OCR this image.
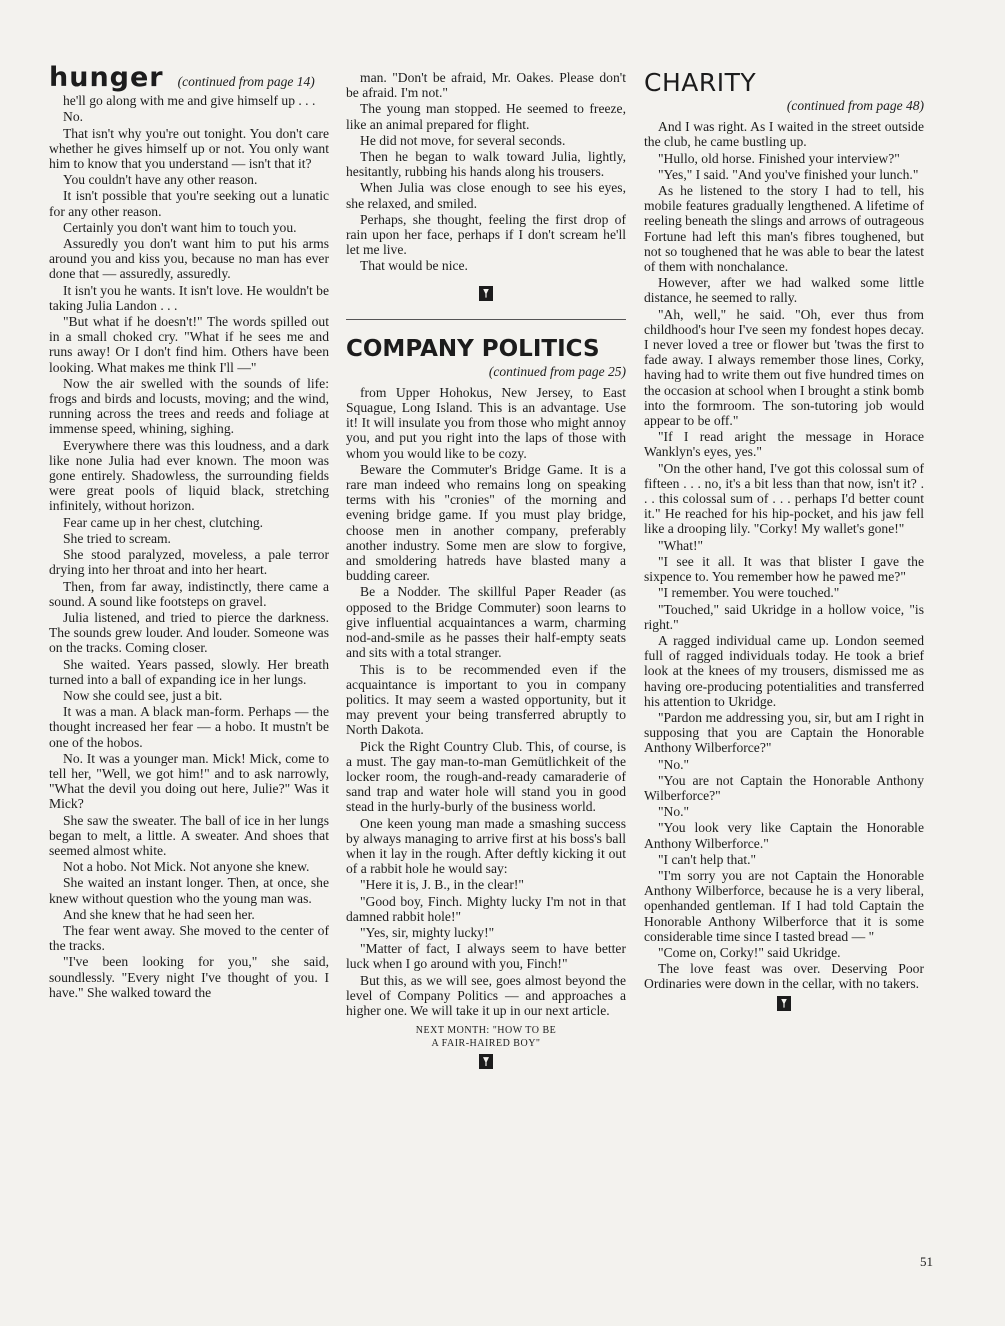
hunger (continued from page 14)

he'll go along with me and give himself up . . .

No.

That isn't why you're out tonight. You don't care whether he gives himself up or not. You only want him to know that you understand — isn't that it?

You couldn't have any other reason.

It isn't possible that you're seeking out a lunatic for any other reason.

Certainly you don't want him to touch you.

Assuredly you don't want him to put his arms around you and kiss you, because no man has ever done that — assuredly, assuredly.

It isn't you he wants. It isn't love. He wouldn't be taking Julia Landon . . .

"But what if he doesn't!" The words spilled out in a small choked cry. "What if he sees me and runs away! Or I don't find him. Others have been looking. What makes me think I'll —"

Now the air swelled with the sounds of life: frogs and birds and locusts, moving; and the wind, running across the trees and reeds and foliage at immense speed, whining, sighing.

Everywhere there was this loudness, and a dark like none Julia had ever known. The moon was gone entirely. Shadowless, the surrounding fields were great pools of liquid black, stretching infinitely, without horizon.

Fear came up in her chest, clutching.

She tried to scream.

She stood paralyzed, moveless, a pale terror drying into her throat and into her heart.

Then, from far away, indistinctly, there came a sound. A sound like footsteps on gravel.

Julia listened, and tried to pierce the darkness. The sounds grew louder. And louder. Someone was on the tracks. Coming closer.

She waited. Years passed, slowly. Her breath turned into a ball of expanding ice in her lungs.

Now she could see, just a bit.

It was a man. A black man-form. Perhaps — the thought increased her fear — a hobo. It mustn't be one of the hobos.

No. It was a younger man. Mick! Mick, come to tell her, "Well, we got him!" and to ask narrowly, "What the devil you doing out here, Julie?" Was it Mick?

She saw the sweater. The ball of ice in her lungs began to melt, a little. A sweater. And shoes that seemed almost white.

Not a hobo. Not Mick. Not anyone she knew.

She waited an instant longer. Then, at once, she knew without question who the young man was.

And she knew that he had seen her.

The fear went away. She moved to the center of the tracks.

"I've been looking for you," she said, soundlessly. "Every night I've thought of you. I have." She walked toward the

man. "Don't be afraid, Mr. Oakes. Please don't be afraid. I'm not."

The young man stopped. He seemed to freeze, like an animal prepared for flight.

He did not move, for several seconds.

Then he began to walk toward Julia, lightly, hesitantly, rubbing his hands along his trousers.

When Julia was close enough to see his eyes, she relaxed, and smiled.

Perhaps, she thought, feeling the first drop of rain upon her face, perhaps if I don't scream he'll let me live.

That would be nice.

COMPANY POLITICS
(continued from page 25)

from Upper Hohokus, New Jersey, to East Squague, Long Island. This is an advantage. Use it! It will insulate you from those who might annoy you, and put you right into the laps of those with whom you would like to be cozy.

Beware the Commuter's Bridge Game. It is a rare man indeed who remains long on speaking terms with his "cronies" of the morning and evening bridge game. If you must play bridge, choose men in another company, preferably another industry. Some men are slow to forgive, and smoldering hatreds have blasted many a budding career.

Be a Nodder. The skillful Paper Reader (as opposed to the Bridge Commuter) soon learns to give influential acquaintances a warm, charming nod-and-smile as he passes their half-empty seats and sits with a total stranger.

This is to be recommended even if the acquaintance is important to you in company politics. It may seem a wasted opportunity, but it may prevent your being transferred abruptly to North Dakota.

Pick the Right Country Club. This, of course, is a must. The gay man-to-man Gemütlichkeit of the locker room, the rough-and-ready camaraderie of sand trap and water hole will stand you in good stead in the hurly-burly of the business world.

One keen young man made a smashing success by always managing to arrive first at his boss's ball when it lay in the rough. After deftly kicking it out of a rabbit hole he would say:

"Here it is, J. B., in the clear!"

"Good boy, Finch. Mighty lucky I'm not in that damned rabbit hole!"

"Yes, sir, mighty lucky!"

"Matter of fact, I always seem to have better luck when I go around with you, Finch!"

But this, as we will see, goes almost beyond the level of Company Politics — and approaches a higher one. We will take it up in our next article.

NEXT MONTH: "HOW TO BE
A FAIR-HAIRED BOY"
CHARITY
(continued from page 48)

And I was right. As I waited in the street outside the club, he came bustling up.

"Hullo, old horse. Finished your interview?"

"Yes," I said. "And you've finished your lunch."

As he listened to the story I had to tell, his mobile features gradually lengthened. A lifetime of reeling beneath the slings and arrows of outrageous Fortune had left this man's fibres toughened, but not so toughened that he was able to bear the latest of them with nonchalance.

However, after we had walked some little distance, he seemed to rally.

"Ah, well," he said. "Oh, ever thus from childhood's hour I've seen my fondest hopes decay. I never loved a tree or flower but 'twas the first to fade away. I always remember those lines, Corky, having had to write them out five hundred times on the occasion at school when I brought a stink bomb into the formroom. The son-tutoring job would appear to be off."

"If I read aright the message in Horace Wanklyn's eyes, yes."

"On the other hand, I've got this colossal sum of fifteen . . . no, it's a bit less than that now, isn't it? . . . this colossal sum of . . . perhaps I'd better count it." He reached for his hip-pocket, and his jaw fell like a drooping lily. "Corky! My wallet's gone!"

"What!"

"I see it all. It was that blister I gave the sixpence to. You remember how he pawed me?"

"I remember. You were touched."

"Touched," said Ukridge in a hollow voice, "is right."

A ragged individual came up. London seemed full of ragged individuals today. He took a brief look at the knees of my trousers, dismissed me as having ore-producing potentialities and transferred his attention to Ukridge.

"Pardon me addressing you, sir, but am I right in supposing that you are Captain the Honorable Anthony Wilberforce?"

"No."

"You are not Captain the Honorable Anthony Wilberforce?"

"No."

"You look very like Captain the Honorable Anthony Wilberforce."

"I can't help that."

"I'm sorry you are not Captain the Honorable Anthony Wilberforce, because he is a very liberal, openhanded gentleman. If I had told Captain the Honorable Anthony Wilberforce that it is some considerable time since I tasted bread — "

"Come on, Corky!" said Ukridge.

The love feast was over. Deserving Poor Ordinaries were down in the cellar, with no takers.

51
